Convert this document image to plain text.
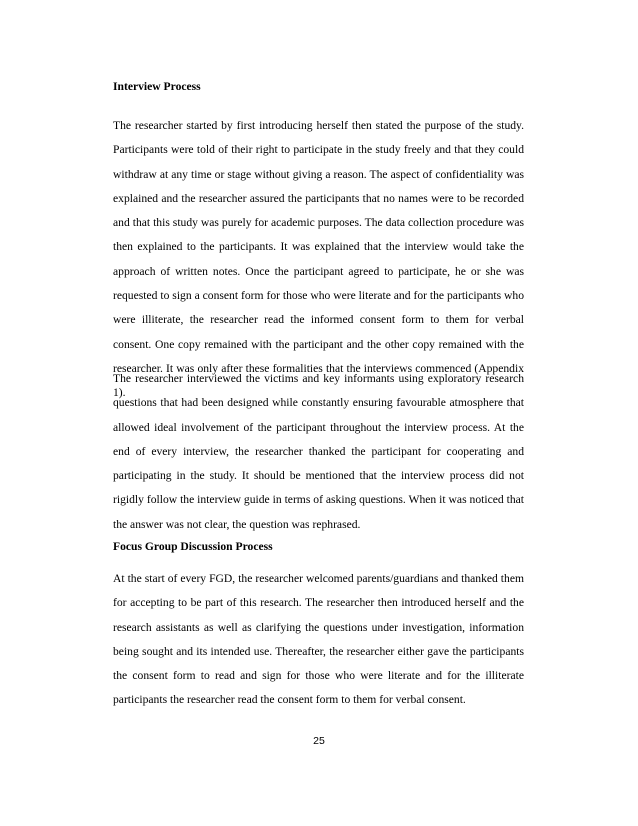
Interview Process

The researcher started by first introducing herself then stated the purpose of the study. Participants were told of their right to participate in the study freely and that they could withdraw at any time or stage without giving a reason. The aspect of confidentiality was explained and the researcher assured the participants that no names were to be recorded and that this study was purely for academic purposes. The data collection procedure was then explained to the participants. It was explained that the interview would take the approach of written notes. Once the participant agreed to participate, he or she was requested to sign a consent form for those who were literate and for the participants who were illiterate, the researcher read the informed consent form to them for verbal consent. One copy remained with the participant and the other copy remained with the researcher. It was only after these formalities that the interviews commenced (Appendix 1).

The researcher interviewed the victims and key informants using exploratory research questions that had been designed while constantly ensuring favourable atmosphere that allowed ideal involvement of the participant throughout the interview process. At the end of every interview, the researcher thanked the participant for cooperating and participating in the study. It should be mentioned that the interview process did not rigidly follow the interview guide in terms of asking questions. When it was noticed that the answer was not clear, the question was rephrased.

Focus Group Discussion Process

At the start of every FGD, the researcher welcomed parents/guardians and thanked them for accepting to be part of this research. The researcher then introduced herself and the research assistants as well as clarifying the questions under investigation, information being sought and its intended use. Thereafter, the researcher either gave the participants the consent form to read and sign for those who were literate and for the illiterate participants the researcher read the consent form to them for verbal consent.

25
